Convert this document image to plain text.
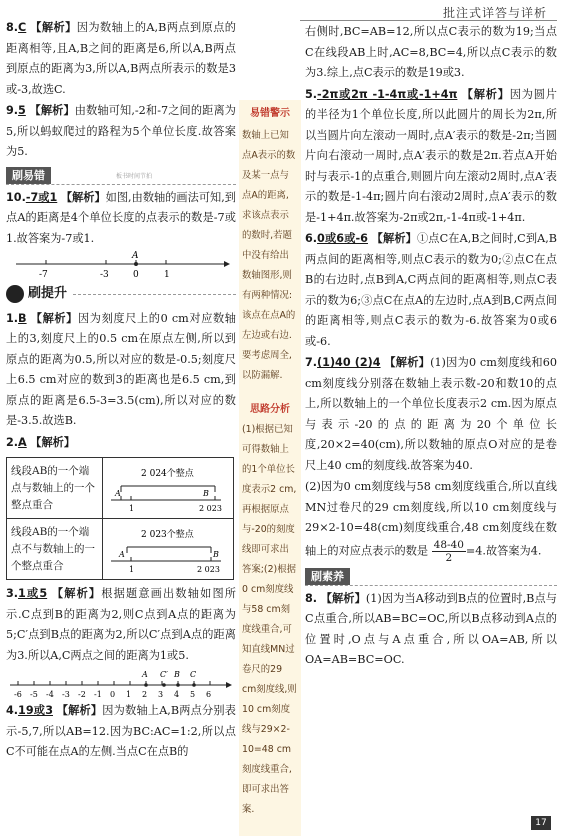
批注式详答与详析
8.C 【解析】因为数轴上的A,B两点到原点的距离相等,且A,B之间的距离是6,所以A,B两点到原点的距离为3,所以A,B两点所表示的数是3或-3,故选C.
9.5 【解析】由数轴可知,-2和-7之间的距离为5,所以蚂蚁爬过的路程为5个单位长度.故答案为5.
刷易错	板书时间节拍
10.-7或1 【解析】如图,由数轴的画法可知,到点A的距离是4个单位长度的点表示的数是-7或1.故答案为-7或1.
A
-7	-3	0	1
刷提升
1.B 【解析】因为刻度尺上的0 cm对应数轴上的3,刻度尺上的0.5 cm在原点左侧,所以到原点的距离为0.5,所以对应的数是-0.5;刻度尺上6.5 cm对应的数到3的距离也是6.5 cm,到原点的距离是6.5-3=3.5(cm),所以对应的数是-3.5.故选B.
2.A 【解析】
线段AB的一个端点与数轴上的一个整点重合	2 024个整点
A B
1 2 023

线段AB的一个端点不与数轴上的一个整点重合	2 023个整点
A B
1 2 023
3.1或5 【解析】根据题意画出数轴如图所示.C点到B的距离为2,则C点到A点的距离为5;C′点到B点的距离为2,所以C′点到A点的距离为3.所以A,C两点之间的距离为1或5.
-6 -5 -4 -3 -2 -1 0 1 2 3 4 5 6
A C′ B C
4.19或3 【解析】因为数轴上A,B两点分别表示-5,7,所以AB=12.因为BC:AC=1:2,所以点C不可能在点A的左侧.当点C在点B的
易错警示
数轴上已知点A表示的数及某一点与点A的距离,求该点表示的数时,若题中没有给出数轴图形,则有两种情况:该点在点A的左边或右边.要考虑周全,以防漏解.
思路分析
(1)根据已知可得数轴上的1个单位长度表示2 cm,再根据原点与-20的刻度线即可求出答案;(2)根据0 cm刻度线与58 cm刻度线重合,可知直线MN过卷尺的29 cm刻度线,则10 cm刻度线与29×2-10=48 cm刻度线重合,即可求出答案.
右侧时,BC=AB=12,所以点C表示的数为19;当点C在线段AB上时,AC=8,BC=4,所以点C表示的数为3.综上,点C表示的数是19或3.
5.-2π或2π -1-4π或-1+4π 【解析】因为圆片的半径为1个单位长度,所以此圆片的周长为2π,所以当圆片向左滚动一周时,点A′表示的数是-2π;当圆片向右滚动一周时,点A′表示的数是2π.若点A开始时与表示-1的点重合,则圆片向左滚动2周时,点A′表示的数是-1-4π;圆片向右滚动2周时,点A′表示的数是-1+4π.故答案为-2π或2π,-1-4π或-1+4π.
6.0或6或-6 【解析】①点C在A,B之间时,C到A,B两点间的距离相等,则点C表示的数为0;②点C在点B的右边时,点B到A,C两点间的距离相等,则点C表示的数为6;③点C在点A的左边时,点A到B,C两点间的距离相等,则点C表示的数为-6.故答案为0或6或-6.
7.(1)40 (2)4 【解析】(1)因为0 cm刻度线和60 cm刻度线分别落在数轴上表示数-20和数10的点上,所以数轴上的一个单位长度表示2 cm.因为原点与表示-20的点的距离为20个单位长度,20×2=40(cm),所以数轴的原点O对应的是卷尺上40 cm的刻度线.故答案为40.
(2)因为0 cm刻度线与58 cm刻度线重合,所以直线MN过卷尺的29 cm刻度线,所以10 cm刻度线与29×2-10=48(cm)刻度线重合,48 cm刻度线在数轴上的对应点表示的数是 $\frac{48-40}{2} =4$.故答案为4.
刷素养
8. 【解析】(1)因为当A移动到B点的位置时,B点与C点重合,所以AB=BC=OC,所以B点移动到A点的位置时,O点与A点重合,所以OA=AB,所以OA=AB=BC=OC.
17
